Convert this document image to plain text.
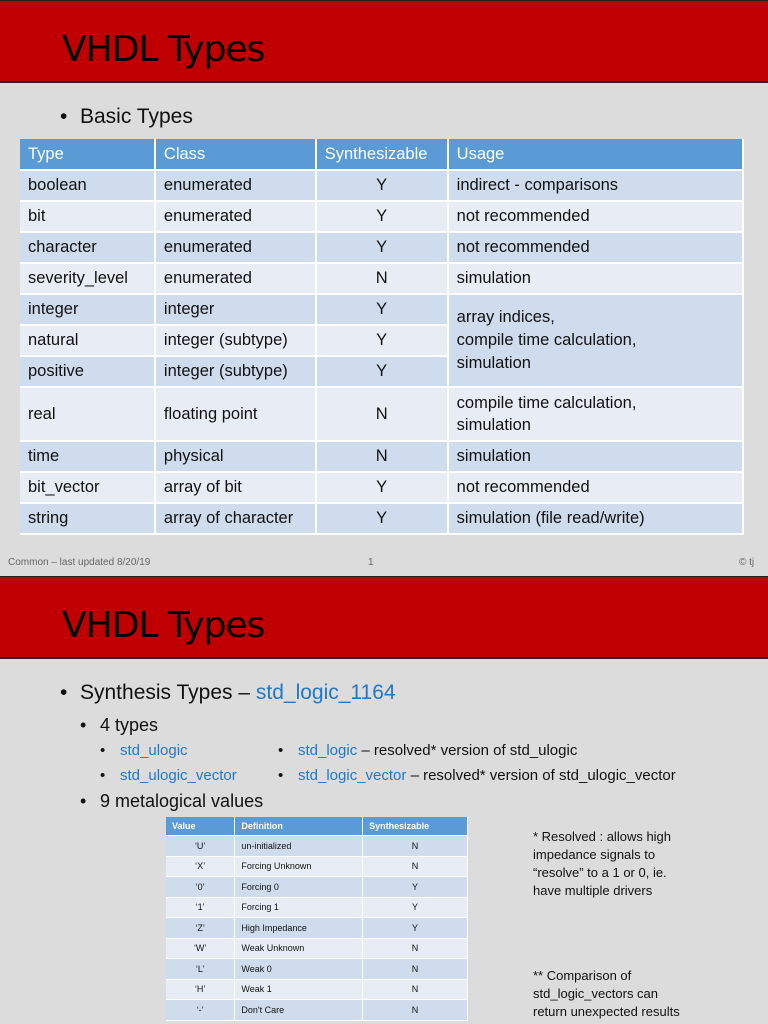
VHDL Types
• Basic Types
Type	Class	Synthesizable	Usage
boolean	enumerated	Y	indirect - comparisons
bit	enumerated	Y	not recommended
character	enumerated	Y	not recommended
severity_level	enumerated	N	simulation
integer	integer	Y	array indices,
compile time calculation,
simulation

natural	integer (subtype)	Y	
positive	integer (subtype)	Y	
real	floating point	N	compile time calculation,
simulation

time	physical	N	simulation
bit_vector	array of bit	Y	not recommended
string	array of character	Y	simulation (file read/write)
Common – last updated 8/20/19	1	© tj
VHDL Types
• Synthesis Types – std_logic_1164
• 4 types
• std_ulogic	• std_logic – resolved* version of std_ulogic
• std_ulogic_vector	• std_logic_vector – resolved* version of std_ulogic_vector
• 9 metalogical values
Value	Definition	Synthesizable
‘U’	un-initialized	N
‘X’	Forcing Unknown	N
‘0’	Forcing 0	Y
‘1’	Forcing 1	Y
‘Z’	High Impedance	Y
‘W’	Weak Unknown	N
‘L’	Weak 0	N
‘H’	Weak 1	N
‘-’	Don't Care	N
* Resolved : allows high
impedance signals to
“resolve” to a 1 or 0, ie.
have multiple drivers
** Comparison of
std_logic_vectors can
return unexpected results
